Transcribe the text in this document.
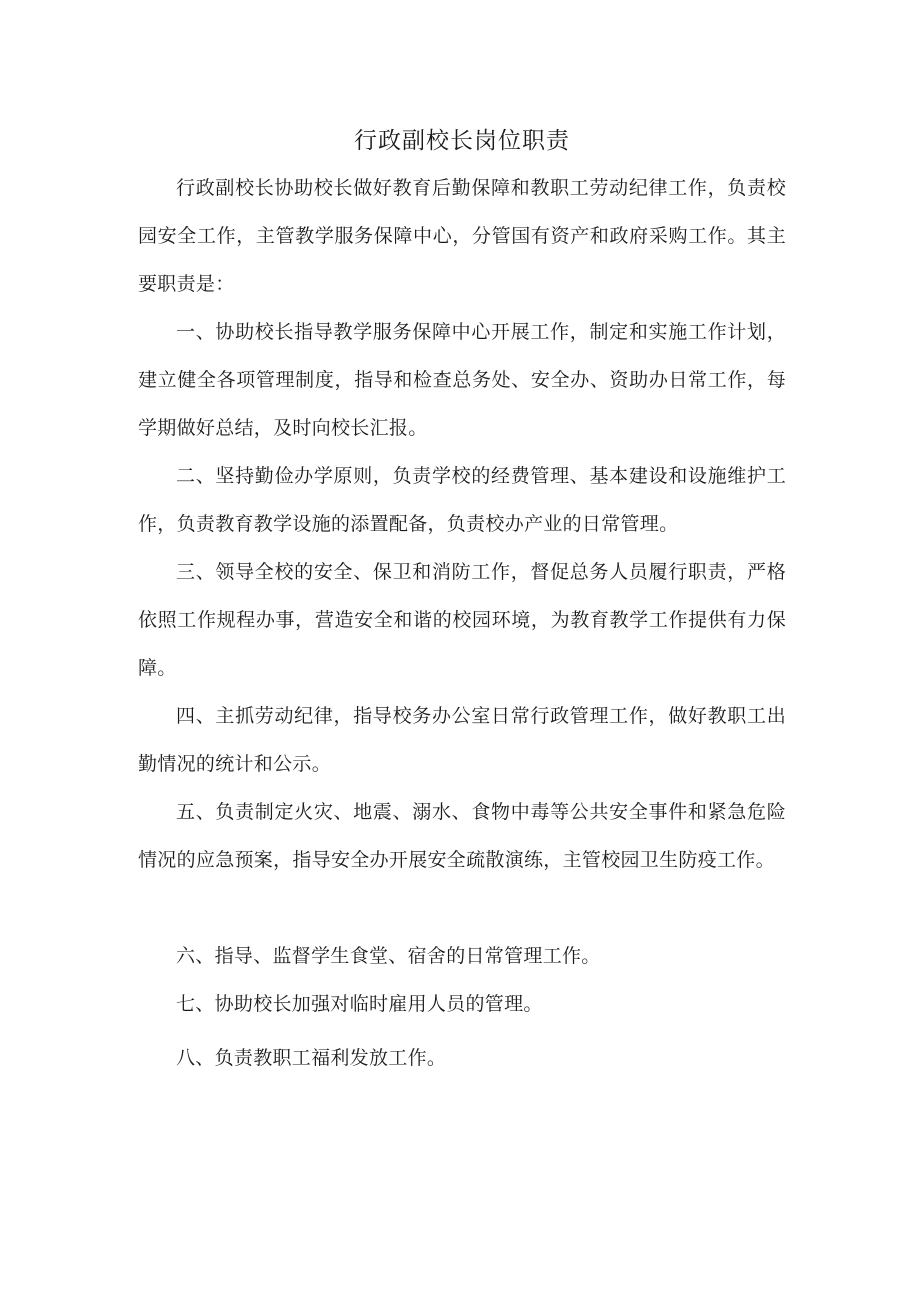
行政副校长岗位职责

行政副校长协助校长做好教育后勤保障和教职工劳动纪律工作，负责校园安全工作，主管教学服务保障中心，分管国有资产和政府采购工作。其主要职责是：

一、协助校长指导教学服务保障中心开展工作，制定和实施工作计划，建立健全各项管理制度，指导和检查总务处、安全办、资助办日常工作，每学期做好总结，及时向校长汇报。

二、坚持勤俭办学原则，负责学校的经费管理、基本建设和设施维护工作，负责教育教学设施的添置配备，负责校办产业的日常管理。

三、领导全校的安全、保卫和消防工作，督促总务人员履行职责，严格依照工作规程办事，营造安全和谐的校园环境，为教育教学工作提供有力保障。

四、主抓劳动纪律，指导校务办公室日常行政管理工作，做好教职工出勤情况的统计和公示。

五、负责制定火灾、地震、溺水、食物中毒等公共安全事件和紧急危险情况的应急预案，指导安全办开展安全疏散演练，主管校园卫生防疫工作。

六、指导、监督学生食堂、宿舍的日常管理工作。

七、协助校长加强对临时雇用人员的管理。

八、负责教职工福利发放工作。
